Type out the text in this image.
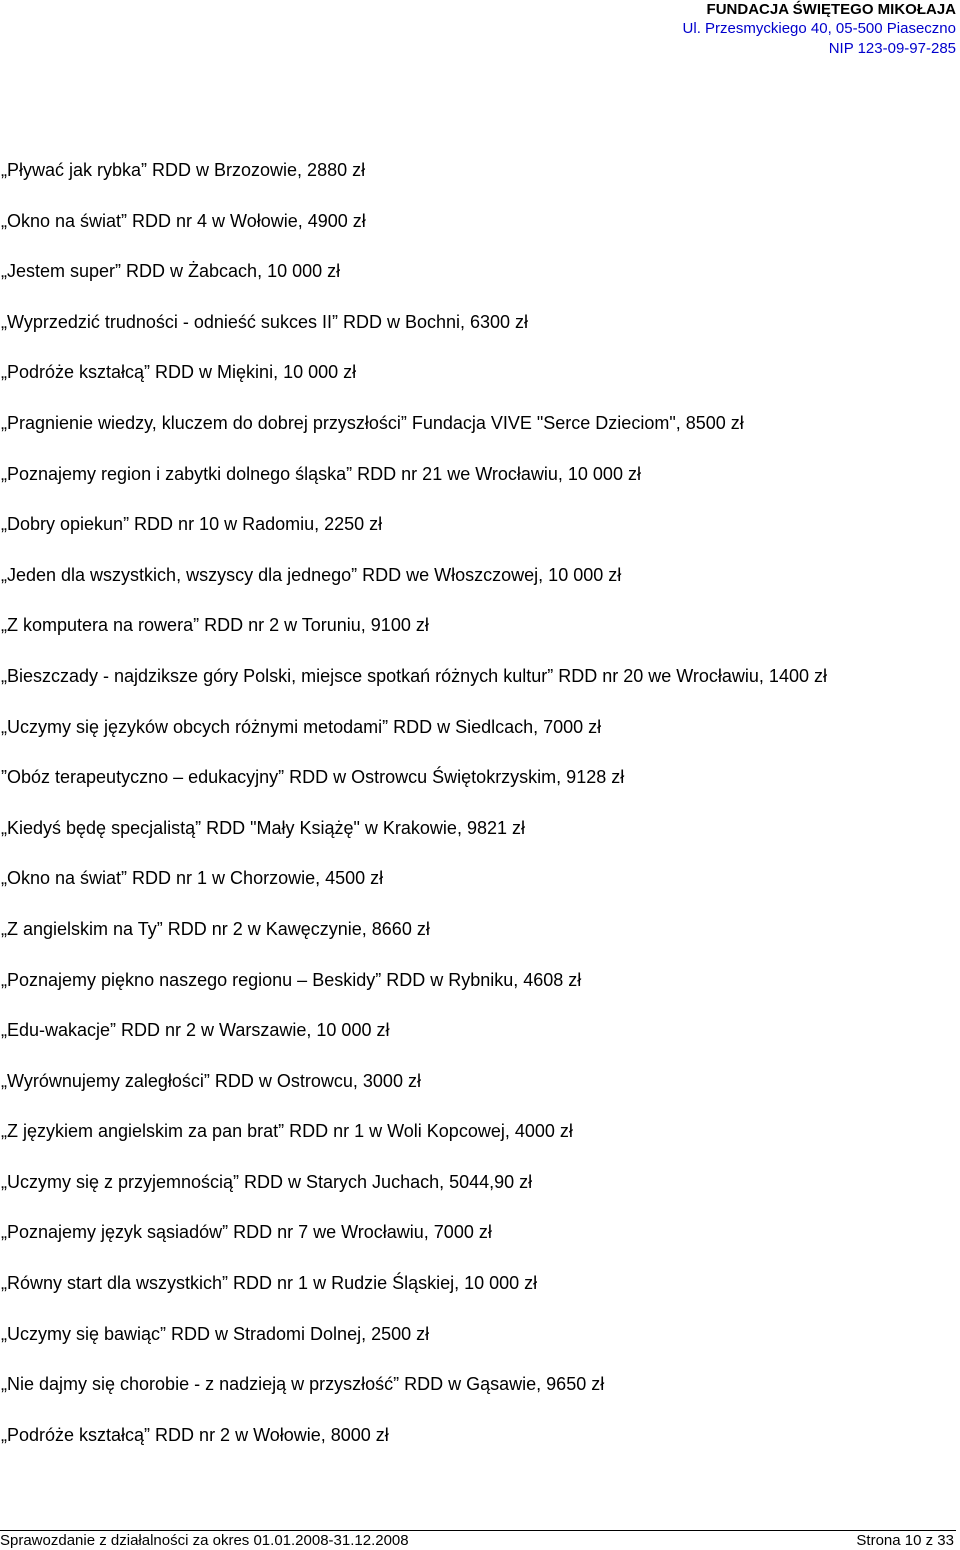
FUNDACJA ŚWIĘTEGO MIKOŁAJA
Ul. Przesmyckiego 40, 05-500 Piaseczno
NIP 123-09-97-285
„Pływać jak rybka” RDD w Brzozowie, 2880 zł
„Okno na świat” RDD nr 4 w Wołowie, 4900 zł
„Jestem super” RDD w Żabcach, 10 000 zł
„Wyprzedzić trudności - odnieść sukces II” RDD w Bochni, 6300 zł
„Podróże kształcą” RDD w Miękini, 10 000 zł
„Pragnienie wiedzy, kluczem do dobrej przyszłości” Fundacja VIVE "Serce Dzieciom", 8500 zł
„Poznajemy region i zabytki dolnego śląska” RDD nr 21 we Wrocławiu, 10 000 zł
„Dobry opiekun” RDD nr 10 w Radomiu, 2250 zł
„Jeden dla wszystkich, wszyscy dla jednego” RDD we Włoszczowej, 10 000 zł
„Z komputera na rowera” RDD nr 2 w Toruniu, 9100 zł
„Bieszczady - najdziksze góry Polski, miejsce spotkań różnych kultur” RDD nr 20 we Wrocławiu, 1400 zł
„Uczymy się języków obcych różnymi metodami” RDD w Siedlcach, 7000 zł
”Obóz terapeutyczno – edukacyjny” RDD w Ostrowcu Świętokrzyskim, 9128 zł
„Kiedyś będę specjalistą” RDD "Mały Książę" w Krakowie, 9821 zł
„Okno na świat” RDD nr 1 w Chorzowie, 4500 zł
„Z angielskim na Ty” RDD nr 2 w Kawęczynie, 8660 zł
„Poznajemy piękno naszego regionu – Beskidy” RDD w Rybniku, 4608 zł
„Edu-wakacje” RDD nr 2 w Warszawie, 10 000 zł
„Wyrównujemy zaległości” RDD w Ostrowcu, 3000 zł
„Z językiem angielskim za pan brat” RDD nr 1 w Woli Kopcowej, 4000 zł
„Uczymy się z przyjemnością” RDD w Starych Juchach, 5044,90 zł
„Poznajemy język sąsiadów” RDD nr 7 we Wrocławiu, 7000 zł
„Równy start dla wszystkich” RDD nr 1 w Rudzie Śląskiej, 10 000 zł
„Uczymy się bawiąc” RDD w Stradomi Dolnej, 2500 zł
„Nie dajmy się chorobie - z nadzieją w przyszłość” RDD w Gąsawie, 9650 zł
„Podróże kształcą” RDD nr 2 w Wołowie, 8000 zł
Sprawozdanie z działalności za okres 01.01.2008-31.12.2008	Strona 10 z 33
